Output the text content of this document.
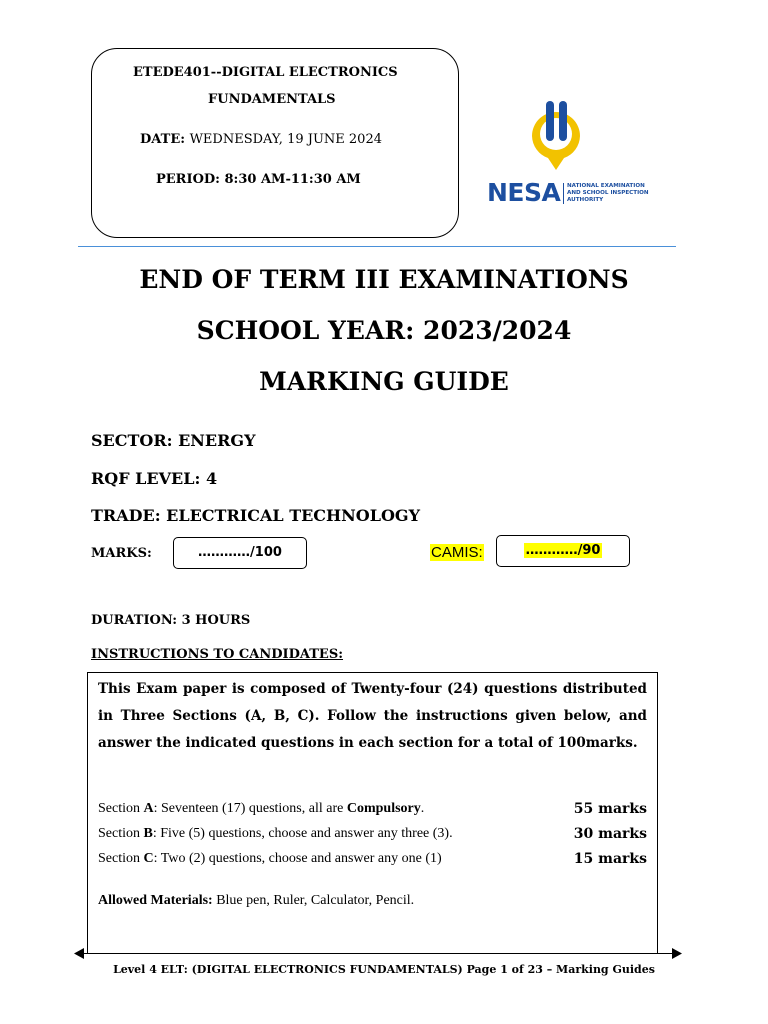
ETEDE401--DIGITAL ELECTRONICS
FUNDAMENTALS
DATE: WEDNESDAY, 19 JUNE 2024
PERIOD: 8:30 AM-11:30 AM	NESA NATIONAL EXAMINATION
AND SCHOOL INSPECTION
AUTHORITY
END OF TERM III EXAMINATIONS
SCHOOL YEAR: 2023/2024
MARKING GUIDE
SECTOR: ENERGY
RQF LEVEL: 4
TRADE: ELECTRICAL TECHNOLOGY
MARKS:	…………/100	CAMIS:	…………/90
DURATION: 3 HOURS
INSTRUCTIONS TO CANDIDATES:
This Exam paper is composed of Twenty-four (24) questions distributed in Three Sections (A, B, C). Follow the instructions given below, and answer the indicated questions in each section for a total of 100marks.
Section A: Seventeen (17) questions, all are Compulsory.	55 marks
Section B: Five (5) questions, choose and answer any three (3).	30 marks
Section C: Two (2) questions, choose and answer any one (1)	15 marks
Allowed Materials: Blue pen, Ruler, Calculator, Pencil.
Level 4 ELT: (DIGITAL ELECTRONICS FUNDAMENTALS) Page 1 of 23 – Marking Guides
